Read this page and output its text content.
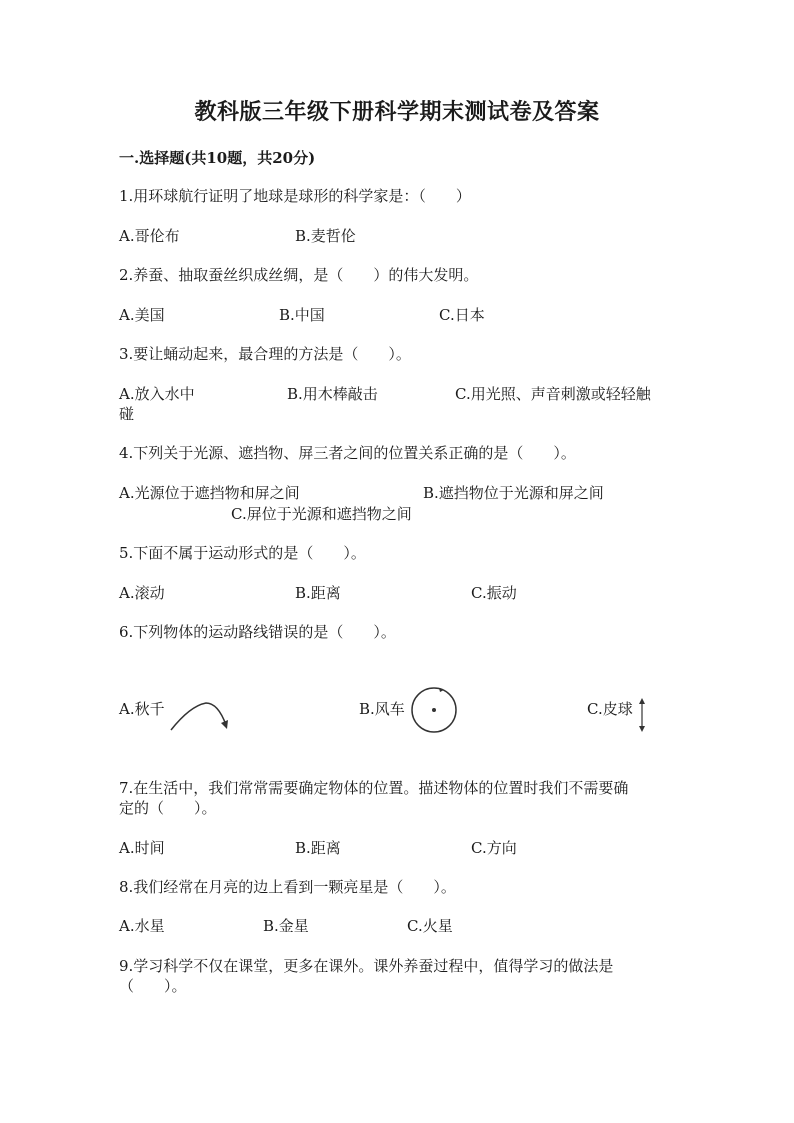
教科版三年级下册科学期末测试卷及答案
一.选择题(共10题，共20分)
1.用环球航行证明了地球是球形的科学家是：（　　）
A.哥伦布	B.麦哲伦
2.养蚕、抽取蚕丝织成丝绸，是（　　）的伟大发明。
A.美国	B.中国	C.日本
3.要让蛹动起来，最合理的方法是（　　）。
A.放入水中	B.用木棒敲击	C.用光照、声音刺激或轻轻触
碰
4.下列关于光源、遮挡物、屏三者之间的位置关系正确的是（　　）。
A.光源位于遮挡物和屏之间	B.遮挡物位于光源和屏之间
C.屏位于光源和遮挡物之间
5.下面不属于运动形式的是（　　）。
A.滚动	B.距离	C.振动
6.下列物体的运动路线错误的是（　　）。
A.秋千	B.风车	C.皮球
7.在生活中，我们常常需要确定物体的位置。描述物体的位置时我们不需要确
定的（　　）。
A.时间	B.距离	C.方向
8.我们经常在月亮的边上看到一颗亮星是（　　）。
A.水星	B.金星	C.火星
9.学习科学不仅在课堂，更多在课外。课外养蚕过程中，值得学习的做法是
（　　）。
